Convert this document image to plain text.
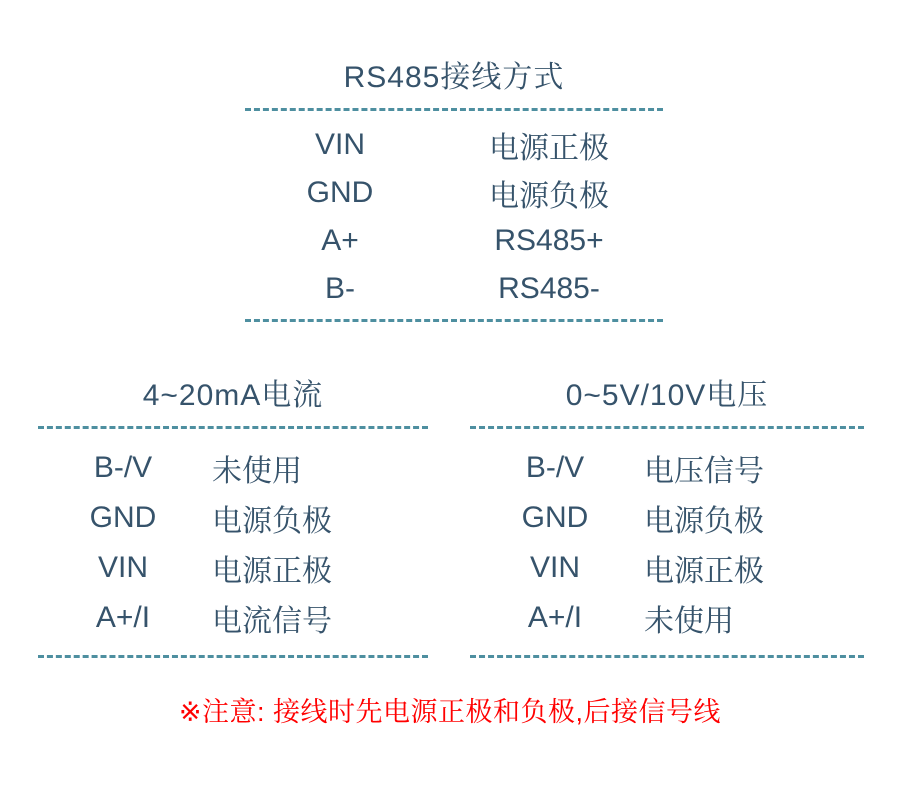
RS485接线方式
VIN	电源正极
GND	电源负极
A+	RS485+
B-	RS485-
4~20mA电流
B-/V	未使用
GND	电源负极
VIN	电源正极
A+/I	电流信号
0~5V/10V电压
B-/V	电压信号
GND	电源负极
VIN	电源正极
A+/I	未使用
※注意: 接线时先电源正极和负极,后接信号线
